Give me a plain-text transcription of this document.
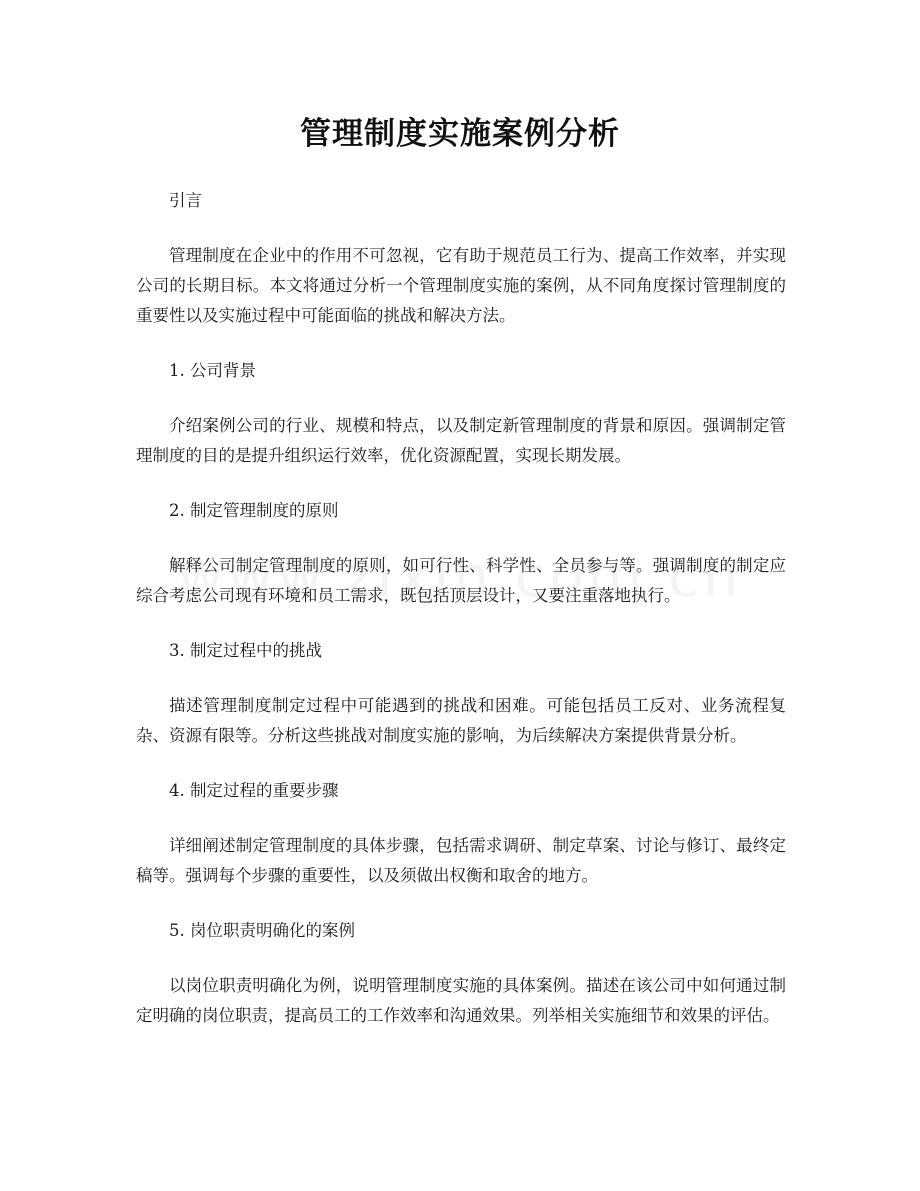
管理制度实施案例分析

引言

管理制度在企业中的作用不可忽视，它有助于规范员工行为、提高工作效率，并实现公司的长期目标。本文将通过分析一个管理制度实施的案例，从不同角度探讨管理制度的重要性以及实施过程中可能面临的挑战和解决方法。

1. 公司背景

介绍案例公司的行业、规模和特点，以及制定新管理制度的背景和原因。强调制定管理制度的目的是提升组织运行效率，优化资源配置，实现长期发展。

2. 制定管理制度的原则

解释公司制定管理制度的原则，如可行性、科学性、全员参与等。强调制度的制定应综合考虑公司现有环境和员工需求，既包括顶层设计，又要注重落地执行。

3. 制定过程中的挑战

描述管理制度制定过程中可能遇到的挑战和困难。可能包括员工反对、业务流程复杂、资源有限等。分析这些挑战对制度实施的影响，为后续解决方案提供背景分析。

4. 制定过程的重要步骤

详细阐述制定管理制度的具体步骤，包括需求调研、制定草案、讨论与修订、最终定稿等。强调每个步骤的重要性，以及须做出权衡和取舍的地方。

5. 岗位职责明确化的案例

以岗位职责明确化为例，说明管理制度实施的具体案例。描述在该公司中如何通过制定明确的岗位职责，提高员工的工作效率和沟通效果。列举相关实施细节和效果的评估。
